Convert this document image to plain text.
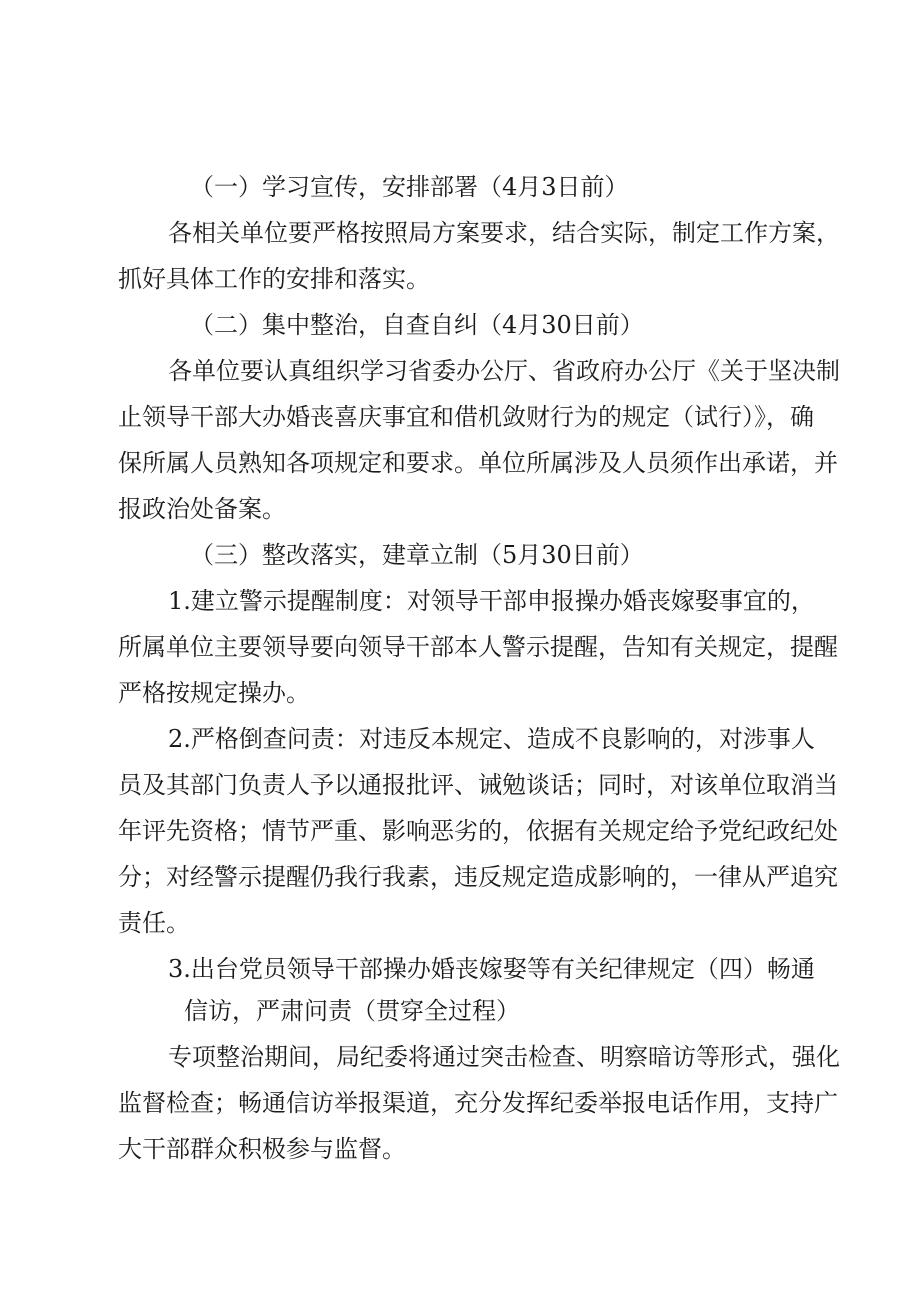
（一）学习宣传，安排部署（4月3日前）
各相关单位要严格按照局方案要求，结合实际，制定工作方案，
抓好具体工作的安排和落实。
（二）集中整治，自查自纠（4月30日前）
各单位要认真组织学习省委办公厅、省政府办公厅《关于坚决制
止领导干部大办婚丧喜庆事宜和借机敛财行为的规定（试行）》，确
保所属人员熟知各项规定和要求。单位所属涉及人员须作出承诺，并
报政治处备案。
（三）整改落实，建章立制（5月30日前）
1.建立警示提醒制度：对领导干部申报操办婚丧嫁娶事宜的，
所属单位主要领导要向领导干部本人警示提醒，告知有关规定，提醒
严格按规定操办。
2.严格倒查问责：对违反本规定、造成不良影响的，对涉事人
员及其部门负责人予以通报批评、诫勉谈话；同时，对该单位取消当
年评先资格；情节严重、影响恶劣的，依据有关规定给予党纪政纪处
分；对经警示提醒仍我行我素，违反规定造成影响的，一律从严追究
责任。
3.出台党员领导干部操办婚丧嫁娶等有关纪律规定（四）畅通
信访，严肃问责（贯穿全过程）
专项整治期间，局纪委将通过突击检查、明察暗访等形式，强化
监督检查；畅通信访举报渠道，充分发挥纪委举报电话作用，支持广
大干部群众积极参与监督。
